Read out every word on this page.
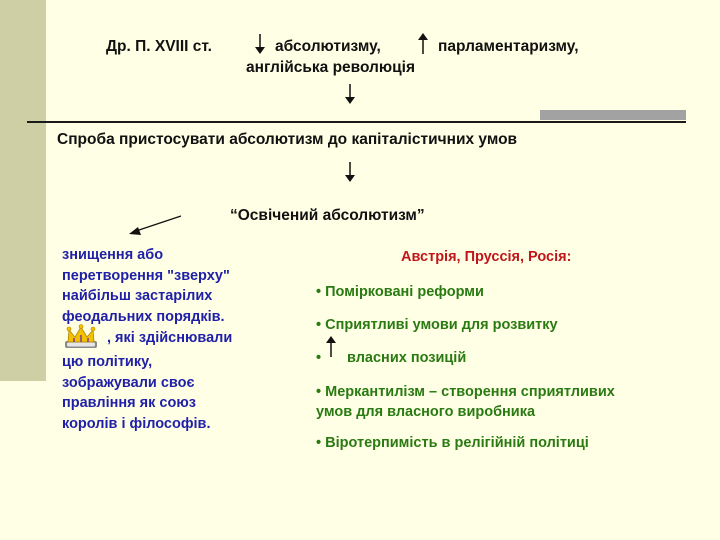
Др. П. XVIII ст.	абсолютизму,	парламентаризму,
англійська революція
Спроба пристосувати абсолютизм до капіталістичних умов
“Освічений абсолютизм”
знищення або
перетворення "зверху"
найбільш застарілих
феодальних порядків.
, які здійснювали
цю політику,
зображували своє
правління як союз
королів і філософів.
Австрія, Пруссія, Росія:
• Поміркованi реформи
• Сприятливі умови для розвитку
• власних позицій
• Меркантилізм – створення сприятливих
умов для власного виробника
• Віротерпимість в релігійній політиці
